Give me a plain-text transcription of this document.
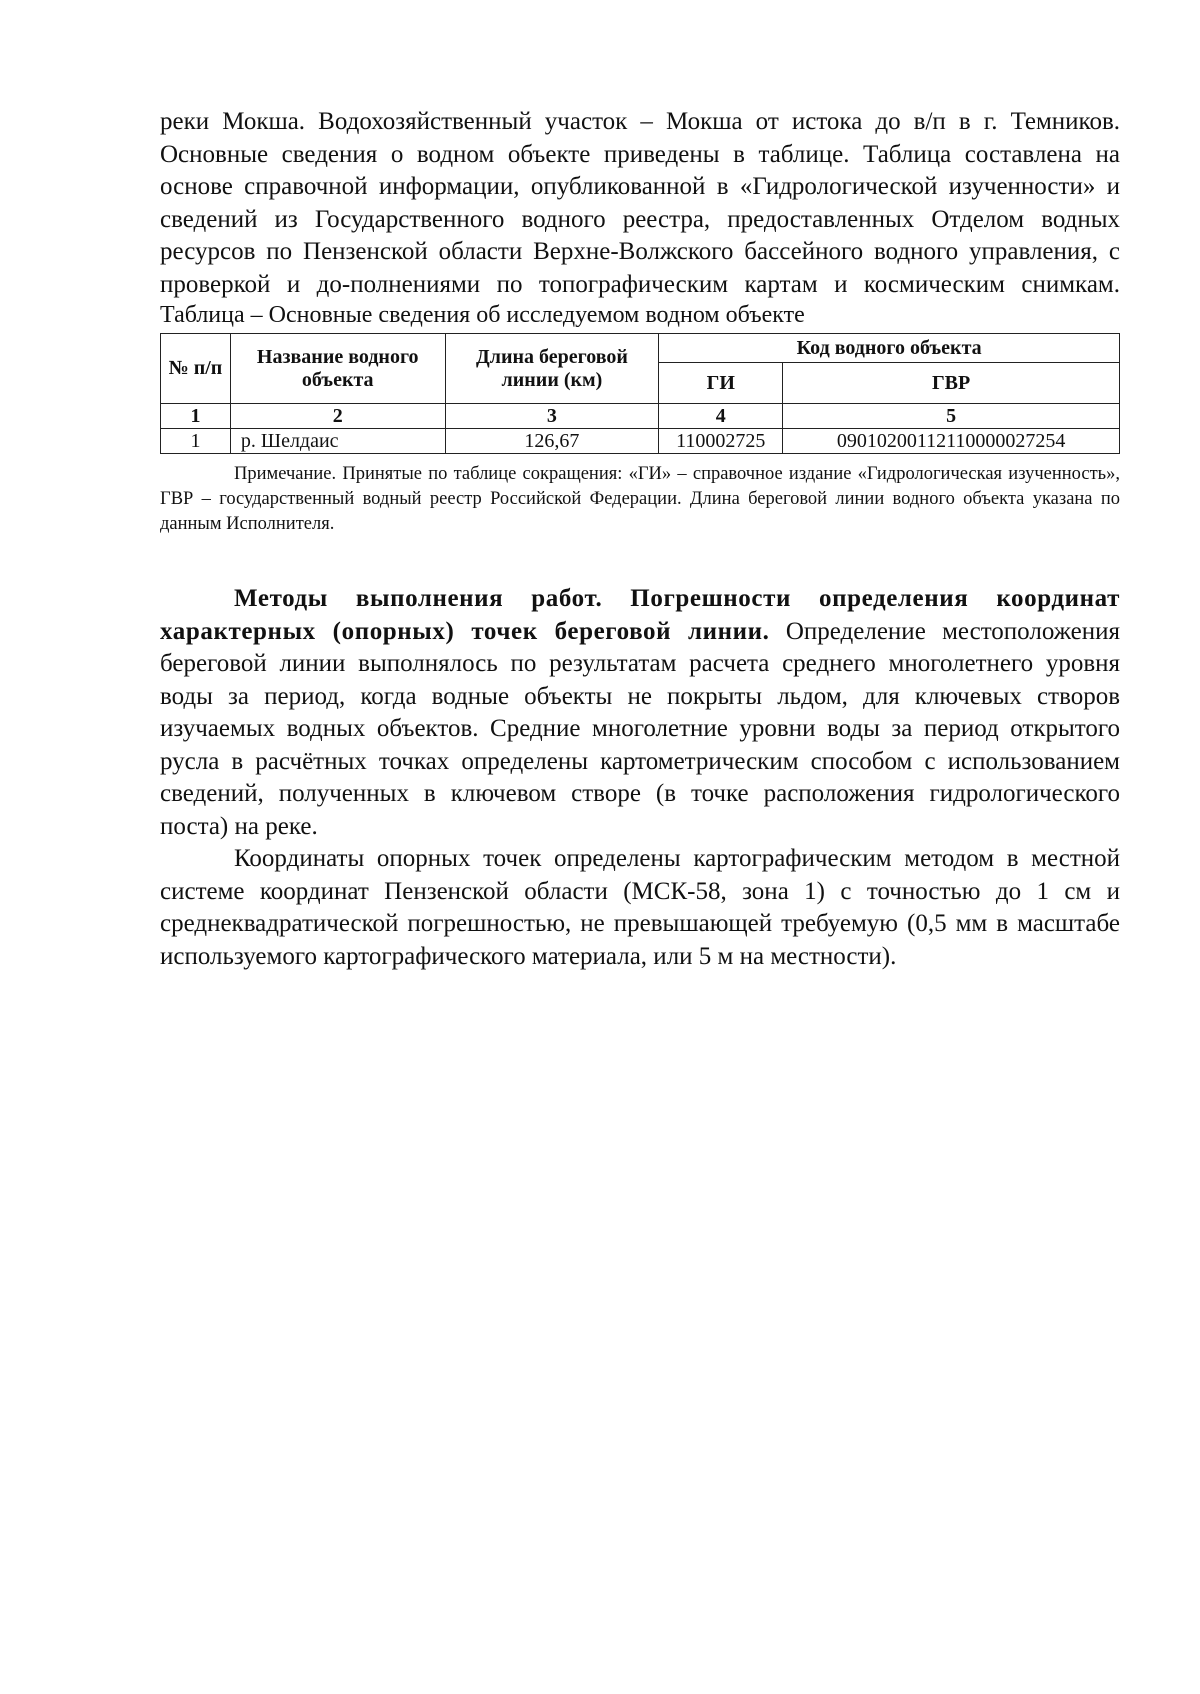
реки Мокша. Водохозяйственный участок – Мокша от истока до в/п в г. Темников. Основные сведения о водном объекте приведены в таблице. Таблица составлена на основе справочной информации, опубликованной в «Гидрологической изученности» и сведений из Государственного водного реестра, предоставленных Отделом водных ресурсов по Пензенской области Верхне-Волжского бассейного водного управления, с проверкой и до-полнениями по топографическим картам и космическим снимкам.

Таблица – Основные сведения об исследуемом водном объекте

№ п/п	Название водного объекта	Длина береговой линии (км)	Код водного объекта	
			ГИ	ГВР
1	2	3	4	5
1	р. Шелдаис	126,67	110002725	09010200112110000027254

Примечание. Принятые по таблице сокращения: «ГИ» – справочное издание «Гидрологическая изученность», ГВР – государственный водный реестр Российской Федерации. Длина береговой линии водного объекта указана по данным Исполнителя.

Методы выполнения работ. Погрешности определения координат характерных (опорных) точек береговой линии. Определение местоположения береговой линии выполнялось по результатам расчета среднего многолетнего уровня воды за период, когда водные объекты не покрыты льдом, для ключевых створов изучаемых водных объектов. Средние многолетние уровни воды за период открытого русла в расчётных точках определены картометрическим способом с использованием сведений, полученных в ключевом створе (в точке расположения гидрологического поста) на реке.

Координаты опорных точек определены картографическим методом в местной системе координат Пензенской области (МСК-58, зона 1) с точностью до 1 см и среднеквадратической погрешностью, не превышающей требуемую (0,5 мм в масштабе используемого картографического материала, или 5 м на местности).
